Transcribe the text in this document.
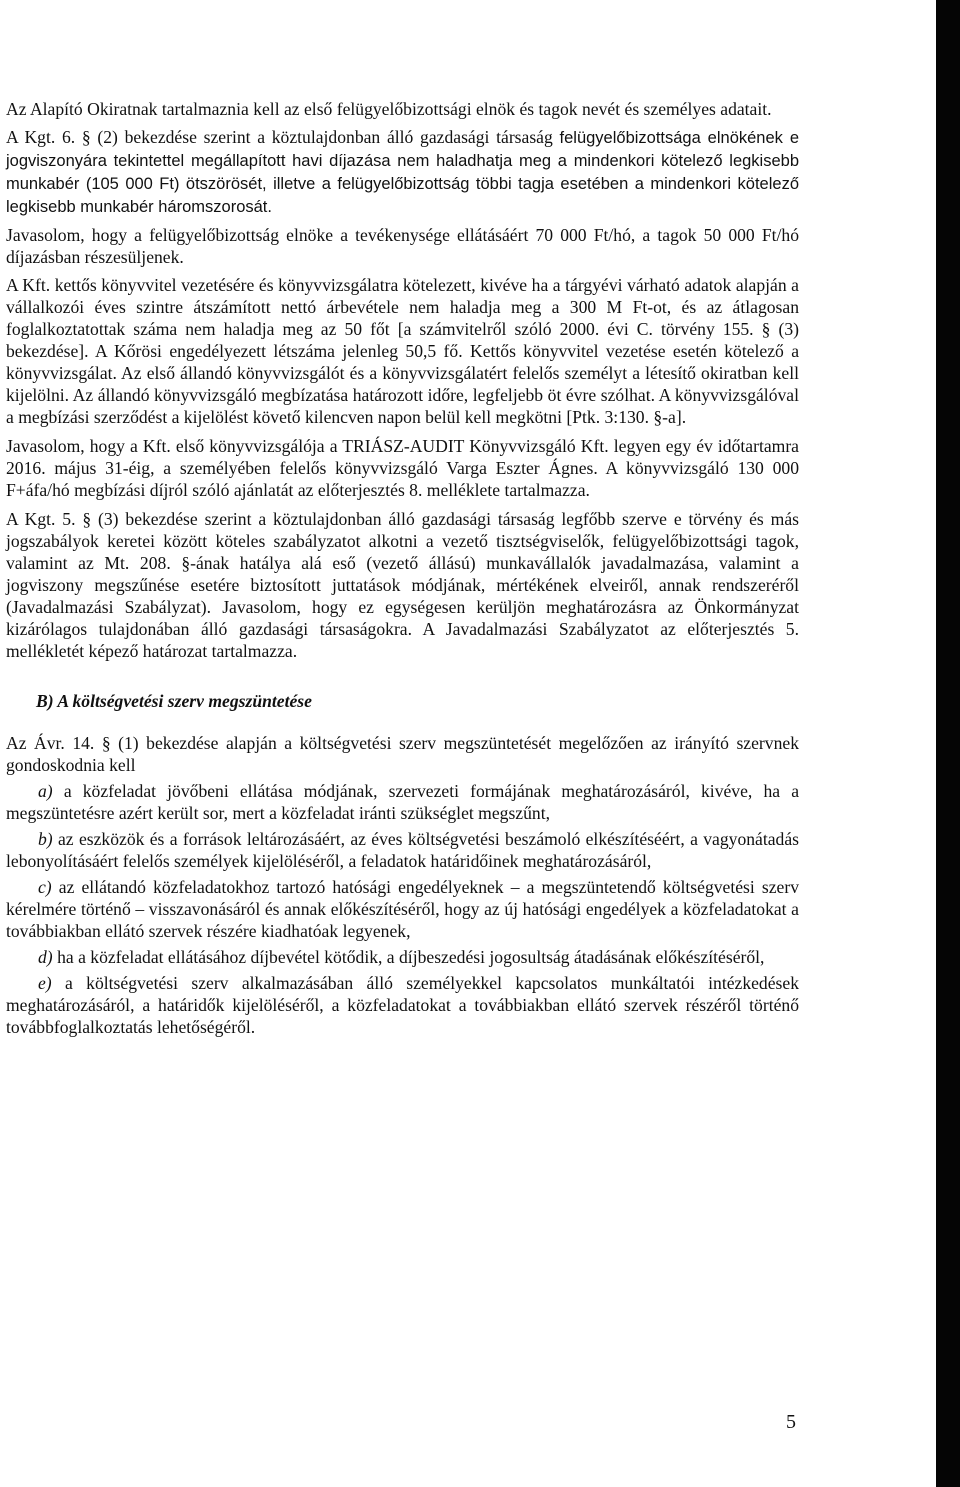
Az Alapító Okiratnak tartalmaznia kell az első felügyelőbizottsági elnök és tagok nevét és személyes adatait.

A Kgt. 6. § (2) bekezdése szerint a köztulajdonban álló gazdasági társaság felügyelőbizottsága elnökének e jogviszonyára tekintettel megállapított havi díjazása nem haladhatja meg a mindenkori kötelező legkisebb munkabér (105 000 Ft) ötszörösét, illetve a felügyelőbizottság többi tagja esetében a mindenkori kötelező legkisebb munkabér háromszorosát.

Javasolom, hogy a felügyelőbizottság elnöke a tevékenysége ellátásáért 70 000 Ft/hó, a tagok 50 000 Ft/hó díjazásban részesüljenek.

A Kft. kettős könyvvitel vezetésére és könyvvizsgálatra kötelezett, kivéve ha a tárgyévi várható adatok alapján a vállalkozói éves szintre átszámított nettó árbevétele nem haladja meg a 300 M Ft-ot, és az átlagosan foglalkoztatottak száma nem haladja meg az 50 főt [a számvitelről szóló 2000. évi C. törvény 155. § (3) bekezdése]. A Kőrösi engedélyezett létszáma jelenleg 50,5 fő. Kettős könyvvitel vezetése esetén kötelező a könyvvizsgálat. Az első állandó könyvvizsgálót és a könyvvizsgálatért felelős személyt a létesítő okiratban kell kijelölni. Az állandó könyvvizsgáló megbízatása határozott időre, legfeljebb öt évre szólhat. A könyvvizsgálóval a megbízási szerződést a kijelölést követő kilencven napon belül kell megkötni [Ptk. 3:130. §-a].

Javasolom, hogy a Kft. első könyvvizsgálója a TRIÁSZ-AUDIT Könyvvizsgáló Kft. legyen egy év időtartamra 2016. május 31-éig, a személyében felelős könyvvizsgáló Varga Eszter Ágnes. A könyvvizsgáló 130 000 F+áfa/hó megbízási díjról szóló ajánlatát az előterjesztés 8. melléklete tartalmazza.

A Kgt. 5. § (3) bekezdése szerint a köztulajdonban álló gazdasági társaság legfőbb szerve e törvény és más jogszabályok keretei között köteles szabályzatot alkotni a vezető tisztségviselők, felügyelőbizottsági tagok, valamint az Mt. 208. §-ának hatálya alá eső (vezető állású) munkavállalók javadalmazása, valamint a jogviszony megszűnése esetére biztosított juttatások módjának, mértékének elveiről, annak rendszeréről (Javadalmazási Szabályzat). Javasolom, hogy ez egységesen kerüljön meghatározásra az Önkormányzat kizárólagos tulajdonában álló gazdasági társaságokra. A Javadalmazási Szabályzatot az előterjesztés 5. mellékletét képező határozat tartalmazza.

B) A költségvetési szerv megszüntetése

Az Ávr. 14. § (1) bekezdése alapján a költségvetési szerv megszüntetését megelőzően az irányító szervnek gondoskodnia kell

a) a közfeladat jövőbeni ellátása módjának, szervezeti formájának meghatározásáról, kivéve, ha a megszüntetésre azért került sor, mert a közfeladat iránti szükséglet megszűnt,

b) az eszközök és a források leltározásáért, az éves költségvetési beszámoló elkészítéséért, a vagyonátadás lebonyolításáért felelős személyek kijelöléséről, a feladatok határidőinek meghatározásáról,

c) az ellátandó közfeladatokhoz tartozó hatósági engedélyeknek – a megszüntetendő költségvetési szerv kérelmére történő – visszavonásáról és annak előkészítéséről, hogy az új hatósági engedélyek a közfeladatokat a továbbiakban ellátó szervek részére kiadhatóak legyenek,

d) ha a közfeladat ellátásához díjbevétel kötődik, a díjbeszedési jogosultság átadásának előkészítéséről,

e) a költségvetési szerv alkalmazásában álló személyekkel kapcsolatos munkáltatói intézkedések meghatározásáról, a határidők kijelöléséről, a közfeladatokat a továbbiakban ellátó szervek részéről történő továbbfoglalkoztatás lehetőségéről.

5
